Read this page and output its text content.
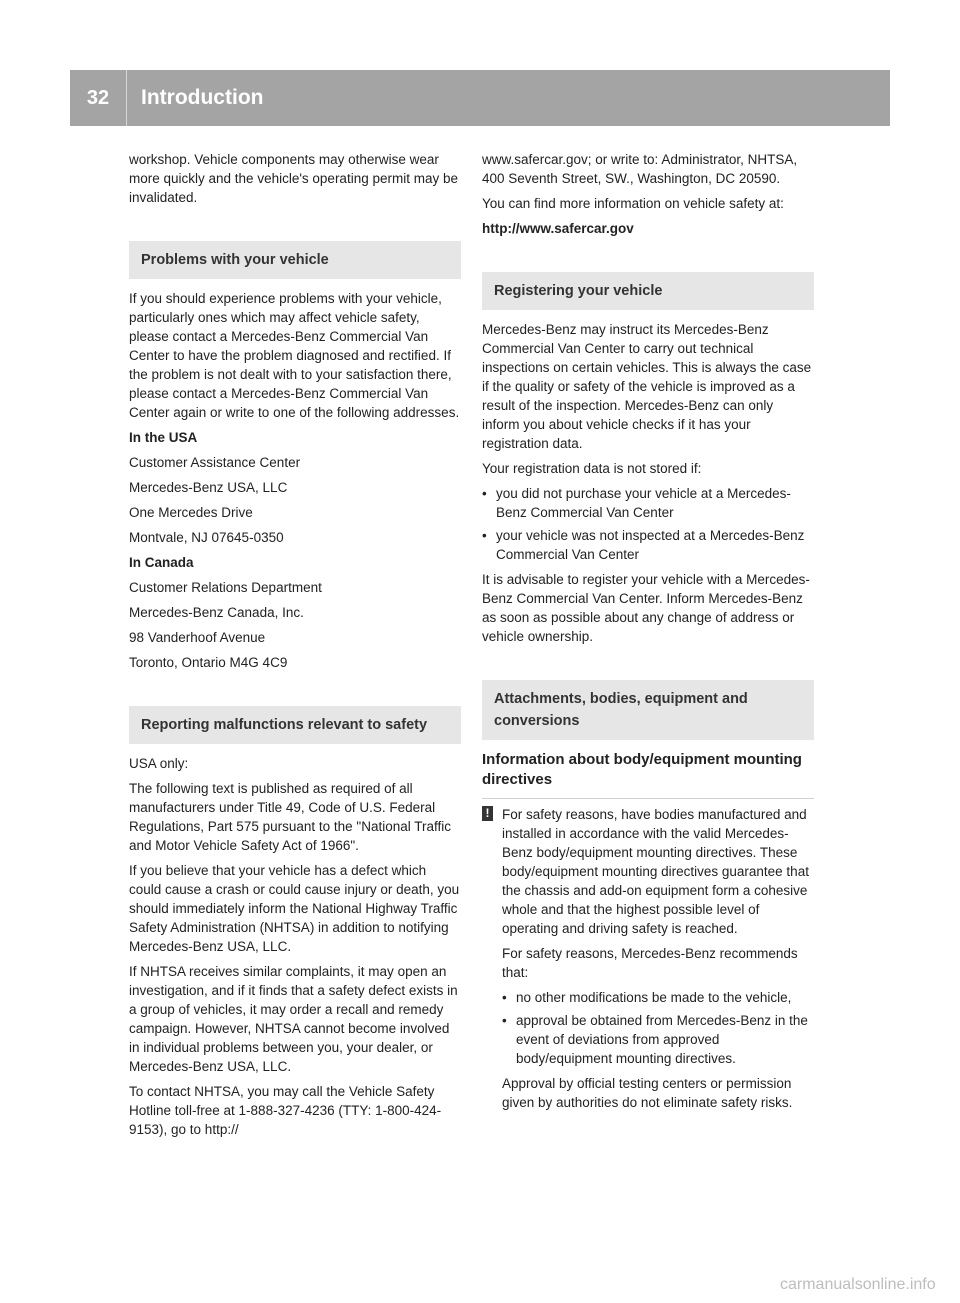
32	Introduction

workshop. Vehicle components may otherwise wear more quickly and the vehicle's operating permit may be invalidated.

Problems with your vehicle

If you should experience problems with your vehicle, particularly ones which may affect vehicle safety, please contact a Mercedes-Benz Commercial Van Center to have the problem diagnosed and rectified. If the problem is not dealt with to your satisfaction there, please contact a Mercedes-Benz Commercial Van Center again or write to one of the following addresses.

In the USA

Customer Assistance Center

Mercedes-Benz USA, LLC

One Mercedes Drive

Montvale, NJ 07645-0350

In Canada

Customer Relations Department

Mercedes-Benz Canada, Inc.

98 Vanderhoof Avenue

Toronto, Ontario M4G 4C9

Reporting malfunctions relevant to safety

USA only:

The following text is published as required of all manufacturers under Title 49, Code of U.S. Federal Regulations, Part 575 pursuant to the "National Traffic and Motor Vehicle Safety Act of 1966".

If you believe that your vehicle has a defect which could cause a crash or could cause injury or death, you should immediately inform the National Highway Traffic Safety Administration (NHTSA) in addition to notifying Mercedes-Benz USA, LLC.

If NHTSA receives similar complaints, it may open an investigation, and if it finds that a safety defect exists in a group of vehicles, it may order a recall and remedy campaign. However, NHTSA cannot become involved in individual problems between you, your dealer, or Mercedes-Benz USA, LLC.

To contact NHTSA, you may call the Vehicle Safety Hotline toll-free at 1-888-327-4236 (TTY: 1-800-424-9153), go to http://

www.safercar.gov; or write to: Administrator, NHTSA, 400 Seventh Street, SW., Washington, DC 20590.

You can find more information on vehicle safety at:

http://www.safercar.gov

Registering your vehicle

Mercedes-Benz may instruct its Mercedes-Benz Commercial Van Center to carry out technical inspections on certain vehicles. This is always the case if the quality or safety of the vehicle is improved as a result of the inspection. Mercedes-Benz can only inform you about vehicle checks if it has your registration data.

Your registration data is not stored if:

• you did not purchase your vehicle at a Mercedes-Benz Commercial Van Center
• your vehicle was not inspected at a Mercedes-Benz Commercial Van Center

It is advisable to register your vehicle with a Mercedes-Benz Commercial Van Center. Inform Mercedes-Benz as soon as possible about any change of address or vehicle ownership.

Attachments, bodies, equipment and conversions
Information about body/equipment mounting directives
! For safety reasons, have bodies manufactured and installed in accordance with the valid Mercedes-Benz body/equipment mounting directives. These body/equipment mounting directives guarantee that the chassis and add-on equipment form a cohesive whole and that the highest possible level of operating and driving safety is reached.

For safety reasons, Mercedes-Benz recommends that:

• no other modifications be made to the vehicle,
• approval be obtained from Mercedes-Benz in the event of deviations from approved body/equipment mounting directives.

Approval by official testing centers or permission given by authorities do not eliminate safety risks.

carmanualsonline.info
